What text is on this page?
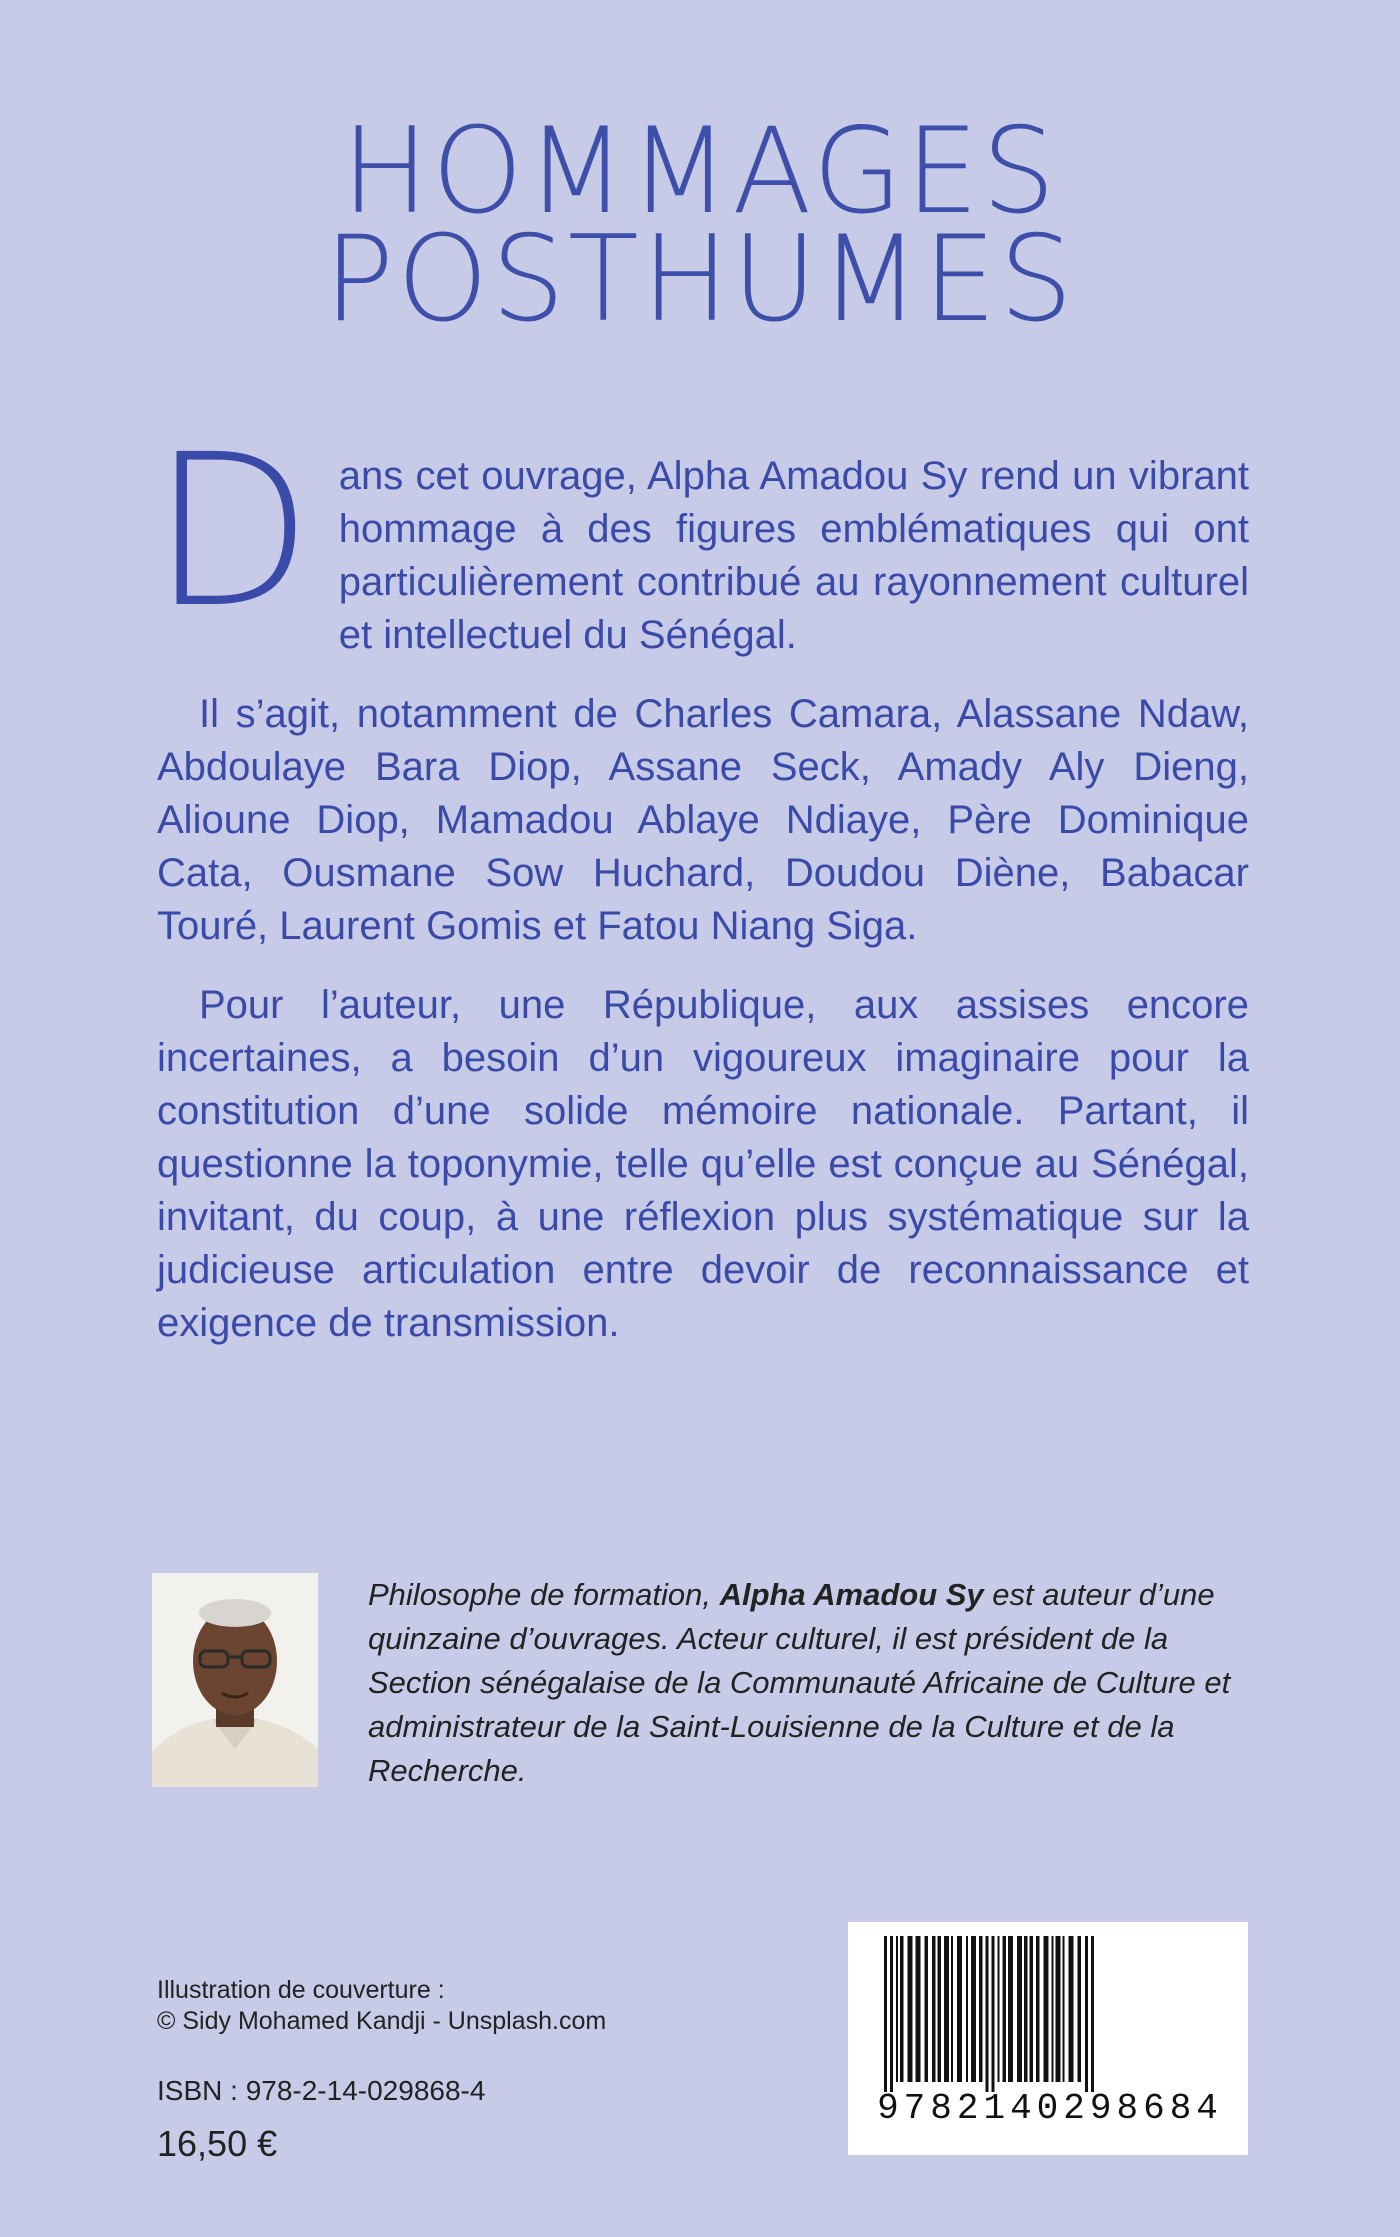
HOMMAGES
POSTHUMES

Dans cet ouvrage, Alpha Amadou Sy rend un vibrant hommage à des figures emblématiques qui ont particulièrement contribué au rayonnement culturel et intellectuel du Sénégal.

Il s’agit, notamment de Charles Camara, Alassane Ndaw, Abdoulaye Bara Diop, Assane Seck, Amady Aly Dieng, Alioune Diop, Mamadou Ablaye Ndiaye, Père Dominique Cata, Ousmane Sow Huchard, Doudou Diène, Babacar Touré, Laurent Gomis et Fatou Niang Siga.

Pour l’auteur, une République, aux assises encore incertaines, a besoin d’un vigoureux imaginaire pour la constitution d’une solide mémoire nationale. Partant, il questionne la toponymie, telle qu’elle est conçue au Sénégal, invitant, du coup, à une réflexion plus systématique sur la judicieuse articulation entre devoir de reconnaissance et exigence de transmission.

Philosophe de formation, Alpha Amadou Sy est auteur d’une quinzaine d’ouvrages. Acteur culturel, il est président de la Section sénégalaise de la Communauté Africaine de Culture et administrateur de la Saint-Louisienne de la Culture et de la Recherche.
Illustration de couverture :
© Sidy Mohamed Kandji - Unsplash.com
ISBN : 978-2-14-029868-4
16,50 €
9782140298684
